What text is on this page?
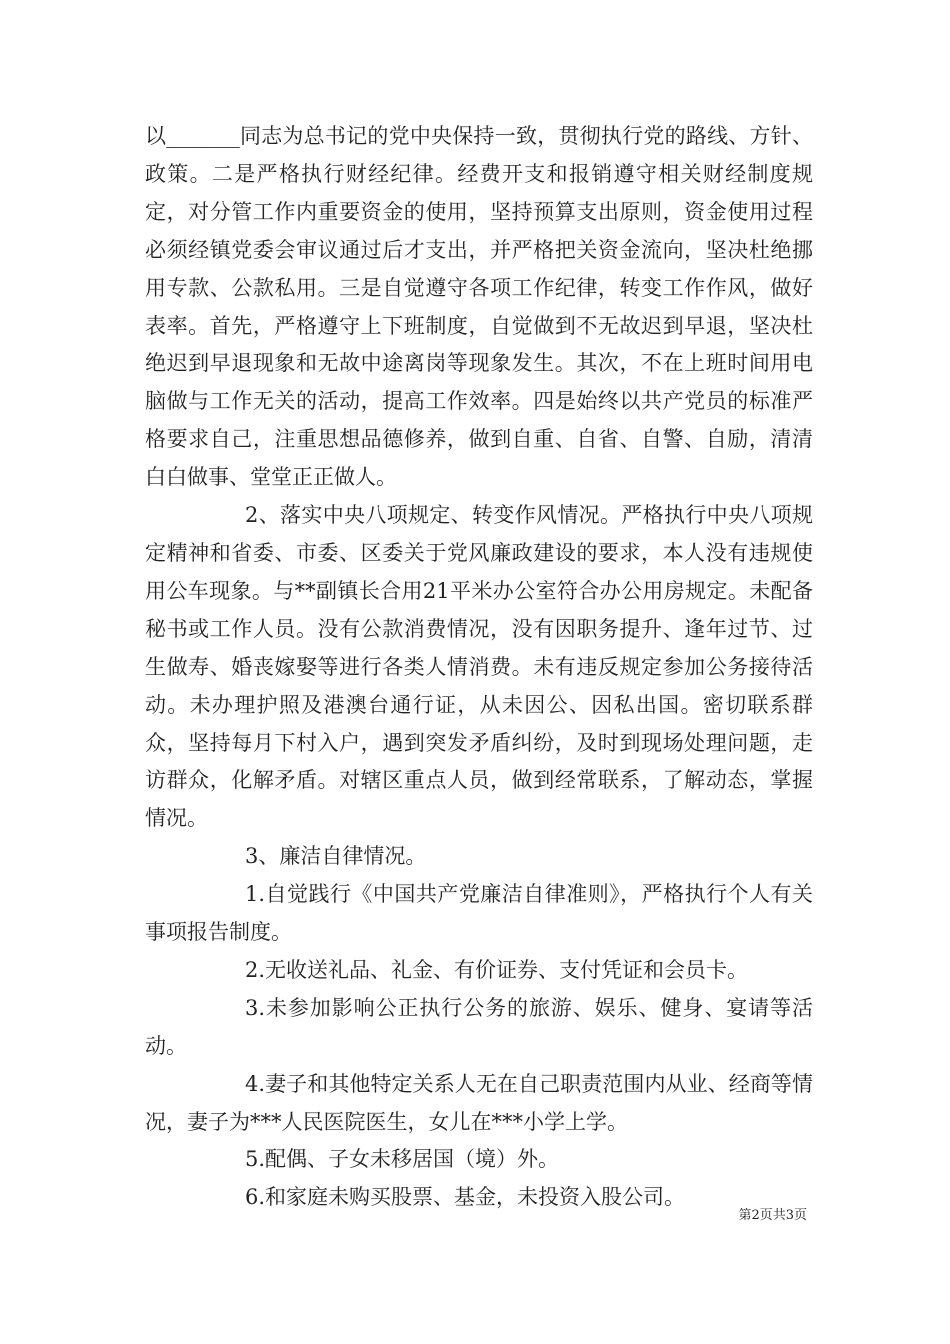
以_______同志为总书记的党中央保持一致，贯彻执行党的路线、方针、政策。二是严格执行财经纪律。经费开支和报销遵守相关财经制度规定，对分管工作内重要资金的使用，坚持预算支出原则，资金使用过程必须经镇党委会审议通过后才支出，并严格把关资金流向，坚决杜绝挪用专款、公款私用。三是自觉遵守各项工作纪律，转变工作作风，做好表率。首先，严格遵守上下班制度，自觉做到不无故迟到早退，坚决杜绝迟到早退现象和无故中途离岗等现象发生。其次，不在上班时间用电脑做与工作无关的活动，提高工作效率。四是始终以共产党员的标准严格要求自己，注重思想品德修养，做到自重、自省、自警、自励，清清白白做事、堂堂正正做人。

2、落实中央八项规定、转变作风情况。严格执行中央八项规定精神和省委、市委、区委关于党风廉政建设的要求，本人没有违规使用公车现象。与**副镇长合用21平米办公室符合办公用房规定。未配备秘书或工作人员。没有公款消费情况，没有因职务提升、逢年过节、过生做寿、婚丧嫁娶等进行各类人情消费。未有违反规定参加公务接待活动。未办理护照及港澳台通行证，从未因公、因私出国。密切联系群众，坚持每月下村入户，遇到突发矛盾纠纷，及时到现场处理问题，走访群众，化解矛盾。对辖区重点人员，做到经常联系，了解动态，掌握情况。

3、廉洁自律情况。

1.自觉践行《中国共产党廉洁自律准则》，严格执行个人有关事项报告制度。

2.无收送礼品、礼金、有价证券、支付凭证和会员卡。

3.未参加影响公正执行公务的旅游、娱乐、健身、宴请等活动。

4.妻子和其他特定关系人无在自己职责范围内从业、经商等情况，妻子为***人民医院医生，女儿在***小学上学。

5.配偶、子女未移居国（境）外。

6.和家庭未购买股票、基金，未投资入股公司。

第2页共3页
